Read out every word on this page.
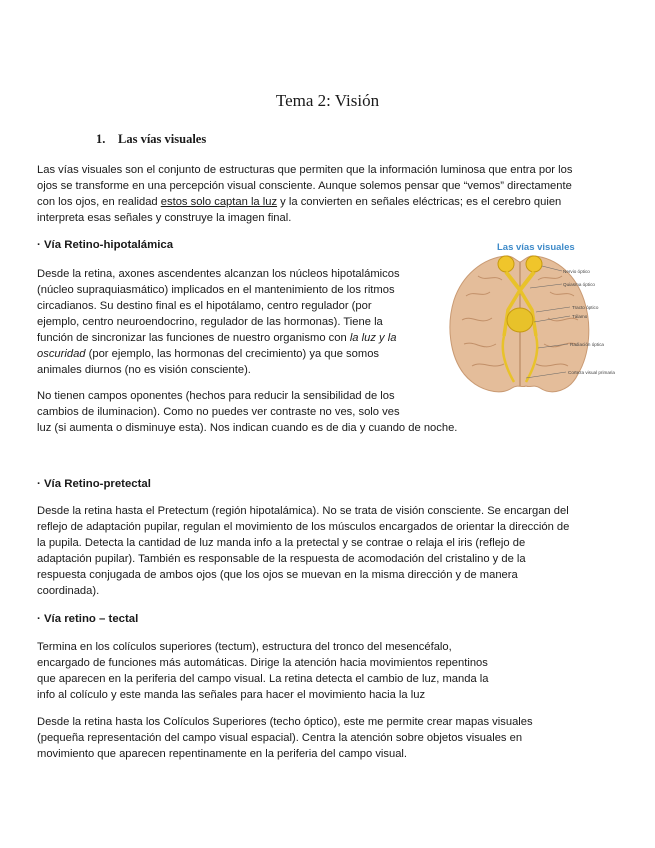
Tema 2: Visión
1. Las vías visuales
Las vías visuales son el conjunto de estructuras que permiten que la información luminosa que entra por los
ojos se transforme en una percepción visual consciente. Aunque solemos pensar que “vemos” directamente
con los ojos, en realidad estos solo captan la luz y la convierten en señales eléctricas; es el cerebro quien
interpreta esas señales y construye la imagen final.
· Vía Retino-hipotalámica
Desde la retina, axones ascendentes alcanzan los núcleos hipotalámicos
(núcleo supraquiasmático) implicados en el mantenimiento de los ritmos
circadianos. Su destino final es el hipotálamo, centro regulador (por
ejemplo, centro neuroendocrino, regulador de las hormonas). Tiene la
función de sincronizar las funciones de nuestro organismo con la luz y la
oscuridad (por ejemplo, las hormonas del crecimiento) ya que somos
animales diurnos (no es visión consciente).
No tienen campos oponentes (hechos para reducir la sensibilidad de los
cambios de iluminacion). Como no puedes ver contraste no ves, solo ves
luz (si aumenta o disminuye esta). Nos indican cuando es de dia y cuando de noche.
Las vías visuales
Nervio óptico
Quiasma óptico
Tracto óptico
Tálamo
Radiación óptica
Corteza visual primaria
· Vía Retino-pretectal
Desde la retina hasta el Pretectum (región hipotalámica). No se trata de visión consciente. Se encargan del
reflejo de adaptación pupilar, regulan el movimiento de los músculos encargados de orientar la dirección de
la pupila. Detecta la cantidad de luz manda info a la pretectal y se contrae o relaja el iris (reflejo de
adaptación pupilar). También es responsable de la respuesta de acomodación del cristalino y de la
respuesta conjugada de ambos ojos (que los ojos se muevan en la misma dirección y de manera
coordinada).
· Vía retino – tectal
Termina en los colículos superiores (tectum), estructura del tronco del mesencéfalo,
encargado de funciones más automáticas. Dirige la atención hacia movimientos repentinos
que aparecen en la periferia del campo visual. La retina detecta el cambio de luz, manda la
info al colículo y este manda las señales para hacer el movimiento hacia la luz
Desde la retina hasta los Colículos Superiores (techo óptico), este me permite crear mapas visuales
(pequeña representación del campo visual espacial). Centra la atención sobre objetos visuales en
movimiento que aparecen repentinamente en la periferia del campo visual.
